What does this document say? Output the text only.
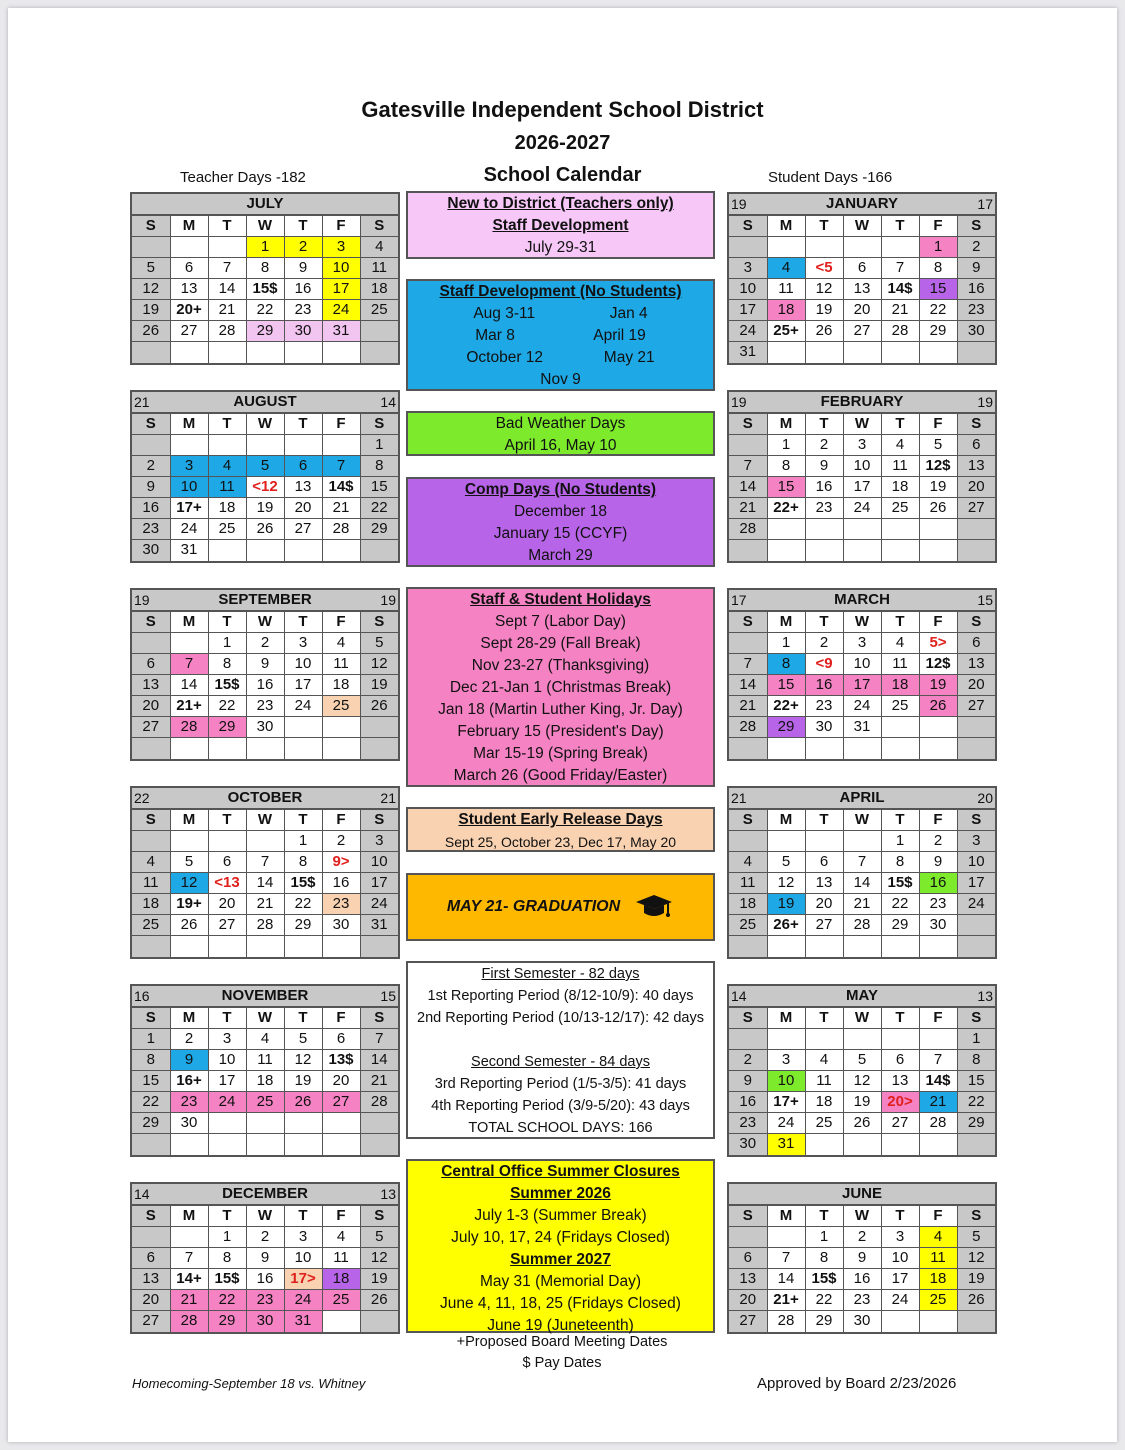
Gatesville Independent School District
2026-2027
School Calendar
Teacher Days -182	Student Days -166
JULY
S	M	T	W	T	F	S
			1	2	3	4
5	6	7	8	9	10	11
12	13	14	15$	16	17	18
19	20+	21	22	23	24	25
26	27	28	29	30	31	

21	AUGUST	14
S	M	T	W	T	F	S
						1
2	3	4	5	6	7	8
9	10	11	<12	13	14$	15
16	17+	18	19	20	21	22
23	24	25	26	27	28	29
30	31					
19	SEPTEMBER	19
S	M	T	W	T	F	S
		1	2	3	4	5
6	7	8	9	10	11	12
13	14	15$	16	17	18	19
20	21+	22	23	24	25	26
27	28	29	30			

22	OCTOBER	21
S	M	T	W	T	F	S
				1	2	3
4	5	6	7	8	9>	10
11	12	<13	14	15$	16	17
18	19+	20	21	22	23	24
25	26	27	28	29	30	31

16	NOVEMBER	15
S	M	T	W	T	F	S
1	2	3	4	5	6	7
8	9	10	11	12	13$	14
15	16+	17	18	19	20	21
22	23	24	25	26	27	28
29	30					

14	DECEMBER	13
S	M	T	W	T	F	S
		1	2	3	4	5
6	7	8	9	10	11	12
13	14+	15$	16	17>	18	19
20	21	22	23	24	25	26
27	28	29	30	31		
19	JANUARY	17
S	M	T	W	T	F	S
					1	2
3	4	<5	6	7	8	9
10	11	12	13	14$	15	16
17	18	19	20	21	22	23
24	25+	26	27	28	29	30
31						
19	FEBRUARY	19
S	M	T	W	T	F	S
	1	2	3	4	5	6
7	8	9	10	11	12$	13
14	15	16	17	18	19	20
21	22+	23	24	25	26	27
28						

17	MARCH	15
S	M	T	W	T	F	S
	1	2	3	4	5>	6
7	8	<9	10	11	12$	13
14	15	16	17	18	19	20
21	22+	23	24	25	26	27
28	29	30	31			

21	APRIL	20
S	M	T	W	T	F	S
				1	2	3
4	5	6	7	8	9	10
11	12	13	14	15$	16	17
18	19	20	21	22	23	24
25	26+	27	28	29	30	

14	MAY	13
S	M	T	W	T	F	S
						1
2	3	4	5	6	7	8
9	10	11	12	13	14$	15
16	17+	18	19	20>	21	22
23	24	25	26	27	28	29
30	31					
JUNE
S	M	T	W	T	F	S
		1	2	3	4	5
6	7	8	9	10	11	12
13	14	15$	16	17	18	19
20	21+	22	23	24	25	26
27	28	29	30			
New to District (Teachers only)
Staff Development
July 29-31
Staff Development (No Students)
Aug 3-11	Jan 4
Mar 8	April 19
October 12	May 21
Nov 9
Bad Weather Days
April 16, May 10
Comp Days (No Students)
December 18
January 15 (CCYF)
March 29
Staff & Student Holidays
Sept 7 (Labor Day)
Sept 28-29 (Fall Break)
Nov 23-27 (Thanksgiving)
Dec 21-Jan 1 (Christmas Break)
Jan 18 (Martin Luther King, Jr. Day)
February 15 (President's Day)
Mar 15-19 (Spring Break)
March 26 (Good Friday/Easter)
Student Early Release Days
Sept 25, October 23, Dec 17, May 20
MAY 21- GRADUATION
First Semester - 82 days
1st Reporting Period (8/12-10/9): 40 days
2nd Reporting Period (10/13-12/17): 42 days
Second Semester - 84 days
3rd Reporting Period (1/5-3/5): 41 days
4th Reporting Period (3/9-5/20): 43 days
TOTAL SCHOOL DAYS: 166
Central Office Summer Closures
Summer 2026
July 1-3 (Summer Break)
July 10, 17, 24 (Fridays Closed)
Summer 2027
May 31 (Memorial Day)
June 4, 11, 18, 25 (Fridays Closed)
June 19 (Juneteenth)
+Proposed Board Meeting Dates
$ Pay Dates
Homecoming-September 18 vs. Whitney	Approved by Board 2/23/2026
